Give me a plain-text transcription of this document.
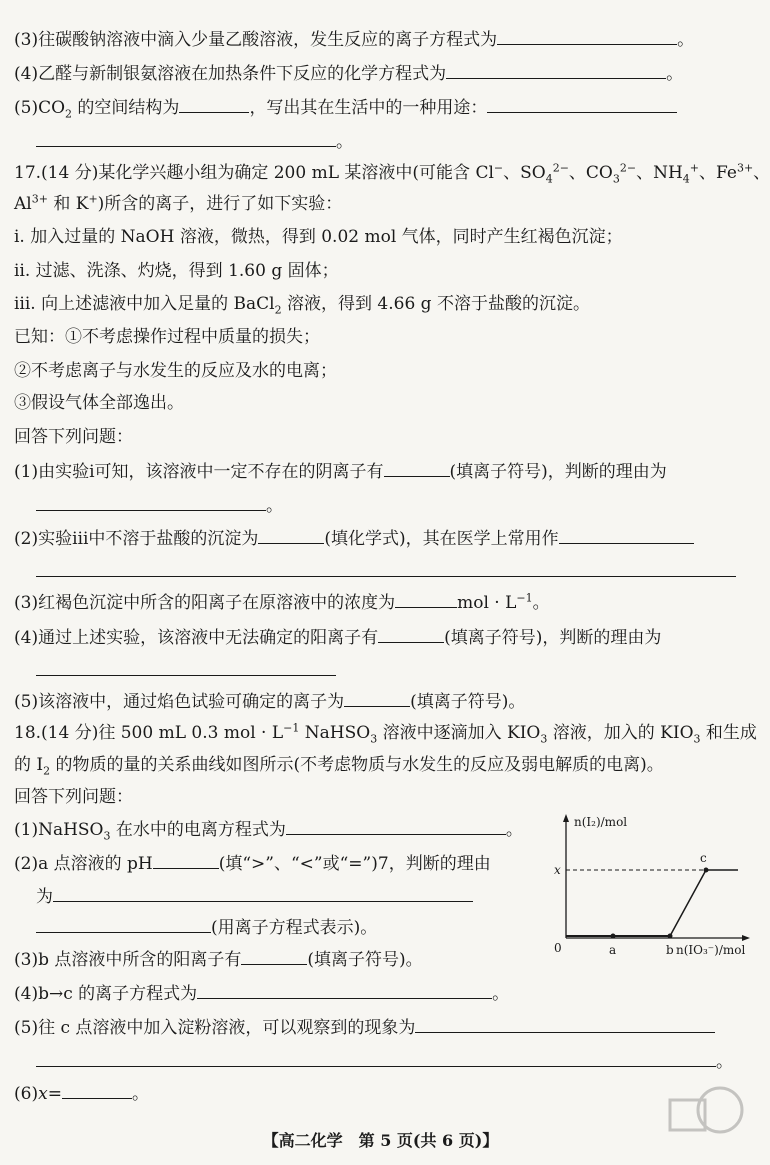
(3)往碳酸钠溶液中滴入少量乙酸溶液，发生反应的离子方程式为	。
(4)乙醛与新制银氨溶液在加热条件下反应的化学方程式为	。
$(5)CO_2$ 的空间结构为	，写出其在生活中的一种用途：
。
17.(14 分)某化学兴趣小组为确定 200 mL 某溶液中(可能含 Cl−、$SO_4^{2-}$、$CO_3^{2-}$、$NH_4^+$、$Fe^{3+}$、
$Al^{3+}$ 和 K+)所含的离子，进行了如下实验：
ⅰ. 加入过量的 NaOH 溶液，微热，得到 0.02 mol 气体，同时产生红褐色沉淀；
ⅱ. 过滤、洗涤、灼烧，得到 1.60 g 固体；
ⅲ. 向上述滤液中加入足量的 BaCl$_2$ 溶液，得到 4.66 g 不溶于盐酸的沉淀。
已知：①不考虑操作过程中质量的损失；
②不考虑离子与水发生的反应及水的电离；
③假设气体全部逸出。
回答下列问题：
(1)由实验ⅰ可知，该溶液中一定不存在的阴离子有	(填离子符号)，判断的理由为
。
(2)实验ⅲ中不溶于盐酸的沉淀为	(填化学式)，其在医学上常用作
(3)红褐色沉淀中所含的阳离子在原溶液中的浓度为	mol · $L^{-1}$。
(4)通过上述实验，该溶液中无法确定的阳离子有	(填离子符号)，判断的理由为
(5)该溶液中，通过焰色试验可确定的离子为	(填离子符号)。
18.(14 分)往 500 mL 0.3 mol · $L^{-1}$ NaHSO$_3$ 溶液中逐滴加入 $KIO_3$ 溶液，加入的 $KIO_3$ 和生成
的 $I_2$ 的物质的量的关系曲线如图所示(不考虑物质与水发生的反应及弱电解质的电离)。
回答下列问题：
(1)NaHSO$_3$ 在水中的电离方程式为	。
(2)a 点溶液的 pH	(填“>”、“<”或“=”)7，判断的理由
为
(用离子方程式表示)。
(3)b 点溶液中所含的阳离子有	(填离子符号)。
(4)b→c 的离子方程式为	。
(5)往 c 点溶液中加入淀粉溶液，可以观察到的现象为
。
(6)x=	。
n(I₂)/mol
n(IO₃⁻)/mol
0
x
a	b
c
【高二化学　第 5 页(共 6 页)】
